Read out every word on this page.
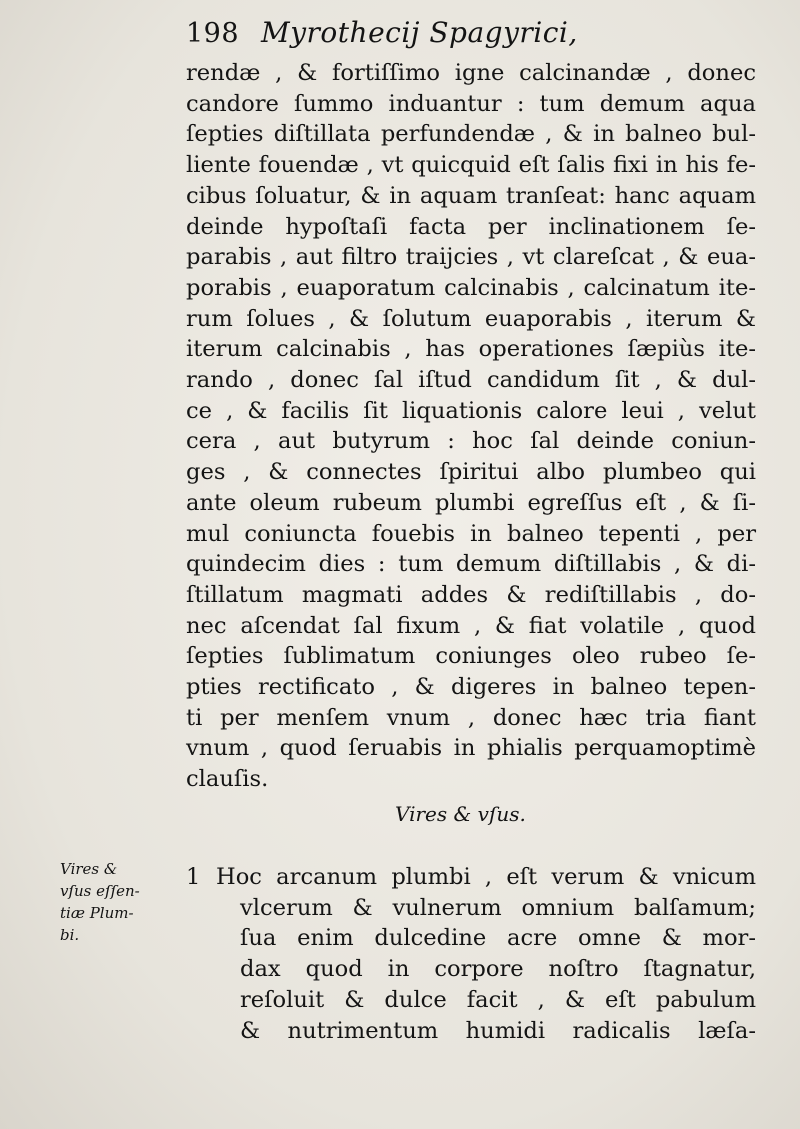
198 Myrothecij Spagyrici,
rendæ , & fortiſſimo igne calcinandæ , donec
candore ſummo induantur : tum demum aqua
ſepties diſtillata perfundendæ , & in balneo bul-
liente fouendæ , vt quicquid eſt ſalis fixi in his fe-
cibus ſoluatur, & in aquam tranſeat: hanc aquam
deinde hypoſtaſi facta per inclinationem ſe-
parabis , aut filtro traijcies , vt clareſcat , & eua-
porabis , euaporatum calcinabis , calcinatum ite-
rum ſolues , & ſolutum euaporabis , iterum &
iterum calcinabis , has operationes ſæpiùs ite-
rando , donec ſal iſtud candidum ſit , & dul-
ce , & facilis ſit liquationis calore leui , velut
cera , aut butyrum : hoc ſal deinde coniun-
ges , & connectes ſpiritui albo plumbeo qui
ante oleum rubeum plumbi egreſſus eſt , & ſi-
mul coniuncta fouebis in balneo tepenti , per
quindecim dies : tum demum diſtillabis , & di-
ſtillatum magmati addes & rediſtillabis , do-
nec aſcendat ſal fixum , & fiat volatile , quod
ſepties ſublimatum coniunges oleo rubeo ſe-
pties rectificato , & digeres in balneo tepen-
ti per menſem vnum , donec hæc tria fiant
vnum , quod ſeruabis in phialis perquamoptimè
clauſis.
Vires & vſus.
Vires &
vſus eſſen-
tiæ Plum-
bi.
1 Hoc arcanum plumbi , eſt verum & vnicum
vlcerum & vulnerum omnium balſamum;
ſua enim dulcedine acre omne & mor-
dax quod in corpore noſtro ſtagnatur,
reſoluit & dulce facit , & eſt pabulum
& nutrimentum humidi radicalis læſa-
